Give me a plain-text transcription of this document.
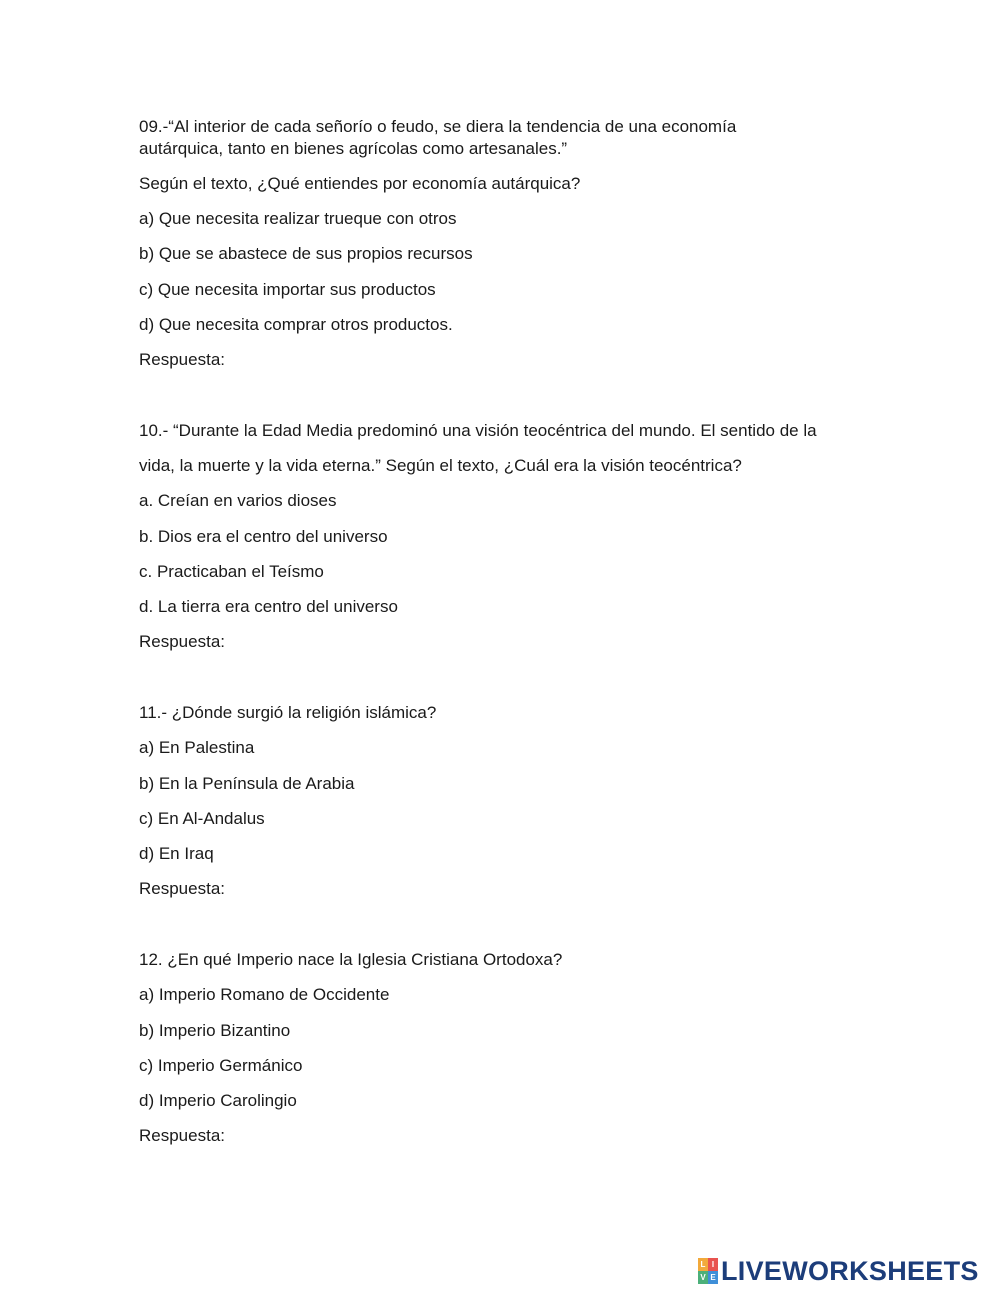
09.-“Al interior de cada señorío o feudo, se diera la tendencia de una economía
autárquica, tanto en bienes agrícolas como artesanales.”
Según el texto, ¿Qué entiendes por economía autárquica?
a) Que necesita realizar trueque con otros
b) Que se abastece de sus propios recursos
c) Que necesita importar sus productos
d) Que necesita comprar otros productos.
Respuesta:
10.- “Durante la Edad Media predominó una visión teocéntrica del mundo. El sentido de la
vida, la muerte y la vida eterna.” Según el texto, ¿Cuál era la visión teocéntrica?
a. Creían en varios dioses
b. Dios era el centro del universo
c. Practicaban el Teísmo
d. La tierra era centro del universo
Respuesta:
11.- ¿Dónde surgió la religión islámica?
a) En Palestina
b) En la Península de Arabia
c) En Al-Andalus
d) En Iraq
Respuesta:
12. ¿En qué Imperio nace la Iglesia Cristiana Ortodoxa?
a) Imperio Romano de Occidente
b) Imperio Bizantino
c) Imperio Germánico
d) Imperio Carolingio
Respuesta:
L I
V E LIVEWORKSHEETS
